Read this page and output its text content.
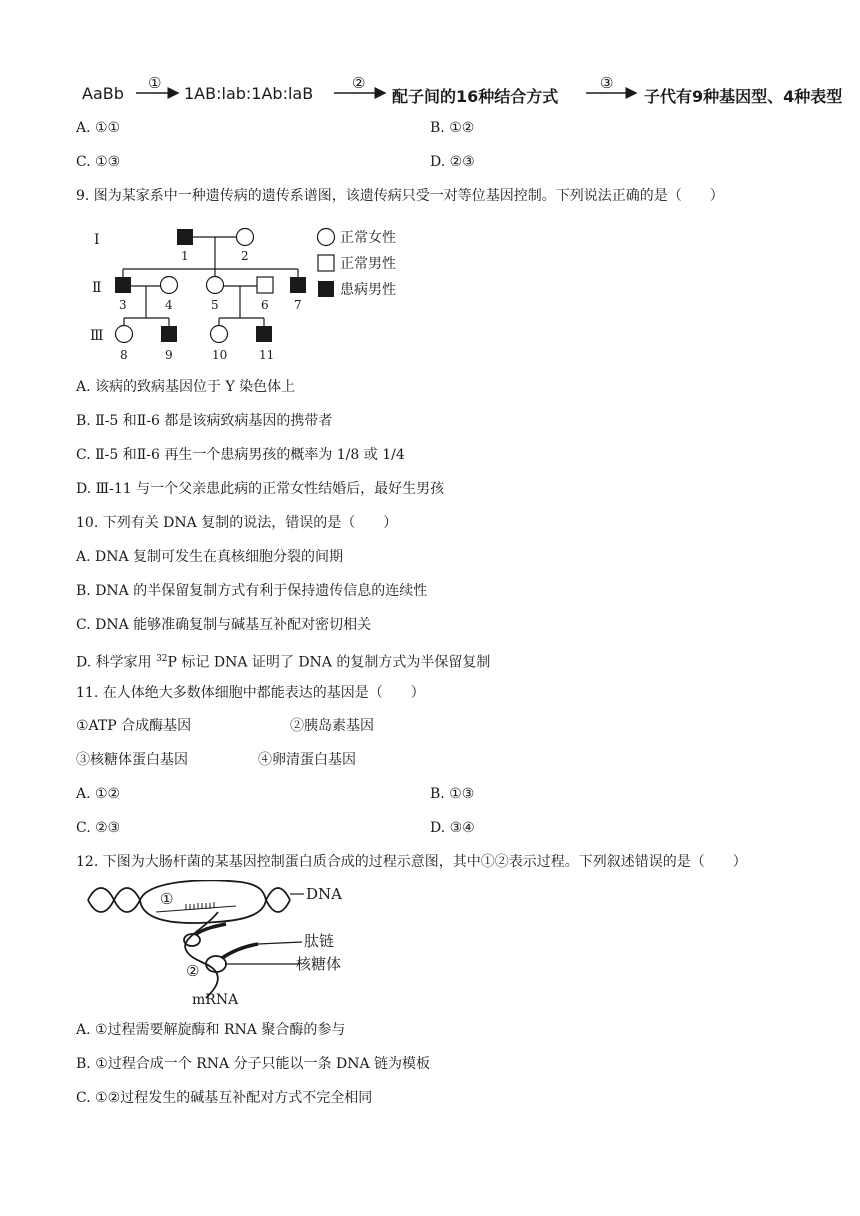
AaBb
①
1AB:lab:1Ab:laB
②
配子间的16种结合方式
③
子代有9种基因型、4种表型
A. ①①	B. ①②
C. ①③	D. ②③
9. 图为某家系中一种遗传病的遗传系谱图，该遗传病只受一对等位基因控制。下列说法正确的是（　　）
Ⅰ
Ⅱ
Ⅲ
1	2
3	4	5	6 7
8	9	10	11
正常女性
正常男性
患病男性
A. 该病的致病基因位于 Y 染色体上
B. Ⅱ-5 和Ⅱ-6 都是该病致病基因的携带者
C. Ⅱ-5 和Ⅱ-6 再生一个患病男孩的概率为 1/8 或 1/4
D. Ⅲ-11 与一个父亲患此病的正常女性结婚后，最好生男孩
10. 下列有关 DNA 复制的说法，错误的是（　　）
A. DNA 复制可发生在真核细胞分裂的间期
B. DNA 的半保留复制方式有利于保持遗传信息的连续性
C. DNA 能够准确复制与碱基互补配对密切相关
D. 科学家用 $^{32}$P 标记 DNA 证明了 DNA 的复制方式为半保留复制
11. 在人体绝大多数体细胞中都能表达的基因是（　　）
①ATP 合成酶基因	②胰岛素基因
③核糖体蛋白基因	④卵清蛋白基因
A. ①②	B. ①③
C. ②③	D. ③④
12. 下图为大肠杆菌的某基因控制蛋白质合成的过程示意图，其中①②表示过程。下列叙述错误的是（　　）
①
②
DNA
肽链
核糖体
mRNA
A. ①过程需要解旋酶和 RNA 聚合酶的参与
B. ①过程合成一个 RNA 分子只能以一条 DNA 链为模板
C. ①②过程发生的碱基互补配对方式不完全相同
